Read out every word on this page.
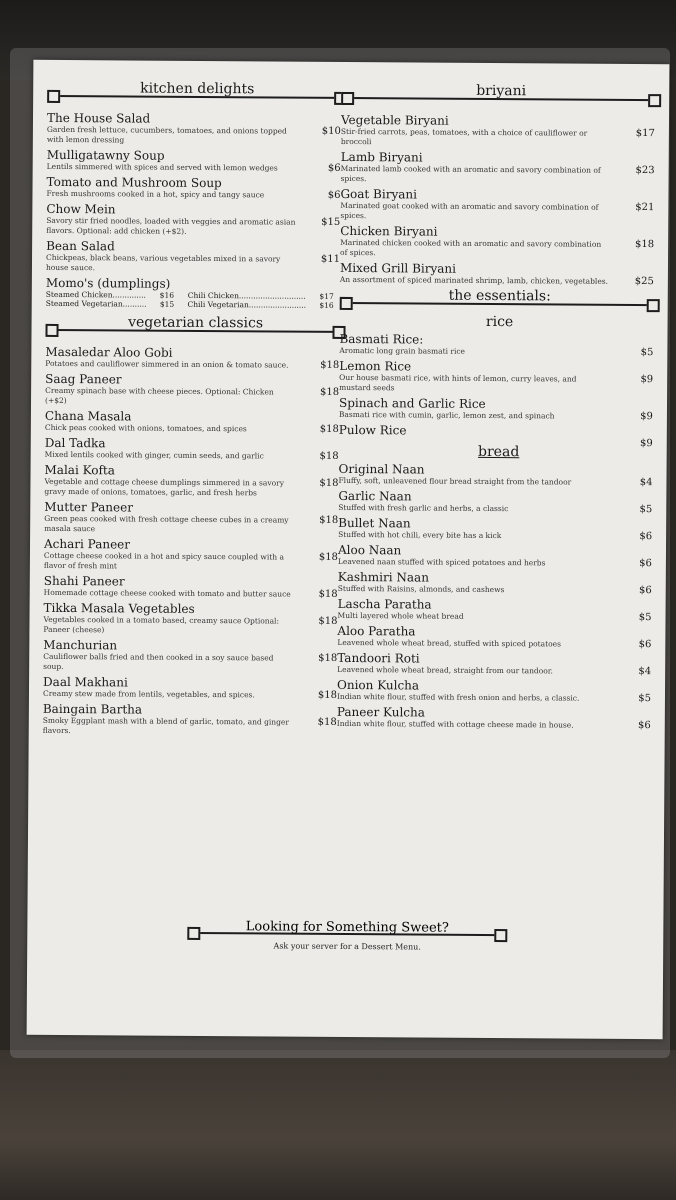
kitchen delights
The House Salad
Garden fresh lettuce, cucumbers, tomatoes, and onions topped with lemon dressing
$10
Mulligatawny Soup
Lentils simmered with spices and served with lemon wedges	$6
Tomato and Mushroom Soup
Fresh mushrooms cooked in a hot, spicy and tangy sauce	$6
Chow Mein
Savory stir fried noodles, loaded with veggies and aromatic asian flavors. Optional: add chicken (+$2).
$15
Bean Salad
Chickpeas, black beans, various vegetables mixed in a savory house sauce.
$11
Momo's (dumplings)
Steamed Chicken.............. $16 Chili Chicken............................ $17
Steamed Vegetarian.......... $15 Chili Vegetarian........................ $16
vegetarian classics
Masaledar Aloo Gobi
Potatoes and cauliflower simmered in an onion & tomato sauce.	$18
Saag Paneer
Creamy spinach base with cheese pieces. Optional: Chicken (+$2)
$18
Chana Masala
Chick peas cooked with onions, tomatoes, and spices	$18
Dal Tadka
Mixed lentils cooked with ginger, cumin seeds, and garlic	$18
Malai Kofta
Vegetable and cottage cheese dumplings simmered in a savory gravy made of onions, tomatoes, garlic, and fresh herbs
$18
Mutter Paneer
Green peas cooked with fresh cottage cheese cubes in a creamy masala sauce
$18
Achari Paneer
Cottage cheese cooked in a hot and spicy sauce coupled with a flavor of fresh mint
$18
Shahi Paneer
Homemade cottage cheese cooked with tomato and butter sauce	$18
Tikka Masala Vegetables
Vegetables cooked in a tomato based, creamy sauce Optional: Paneer (cheese)
$18
Manchurian
Cauliflower balls fried and then cooked in a soy sauce based soup.
$18
Daal Makhani
Creamy stew made from lentils, vegetables, and spices.	$18
Baingain Bartha
Smoky Eggplant mash with a blend of garlic, tomato, and ginger flavors.
$18
briyani
Vegetable Biryani
Stir-fried carrots, peas, tomatoes, with a choice of cauliflower or broccoli
$17
Lamb Biryani
Marinated lamb cooked with an aromatic and savory combination of spices.
$23
Goat Biryani
Marinated goat cooked with an aromatic and savory combination of spices.
$21
Chicken Biryani
Marinated chicken cooked with an aromatic and savory combination of spices.
$18
Mixed Grill Biryani
An assortment of spiced marinated shrimp, lamb, chicken, vegetables.	$25
the essentials:
rice
Basmati Rice:
Aromatic long grain basmati rice	$5
Lemon Rice
Our house basmati rice, with hints of lemon, curry leaves, and mustard seeds
$9
Spinach and Garlic Rice
Basmati rice with cumin, garlic, lemon zest, and spinach	$9
Pulow Rice
$9
bread
Original Naan
Fluffy, soft, unleavened flour bread straight from the tandoor	$4
Garlic Naan
Stuffed with fresh garlic and herbs, a classic	$5
Bullet Naan
Stuffed with hot chili, every bite has a kick	$6
Aloo Naan
Leavened naan stuffed with spiced potatoes and herbs	$6
Kashmiri Naan
Stuffed with Raisins, almonds, and cashews	$6
Lascha Paratha
Multi layered whole wheat bread	$5
Aloo Paratha
Leavened whole wheat bread, stuffed with spiced potatoes	$6
Tandoori Roti
Leavened whole wheat bread, straight from our tandoor.	$4
Onion Kulcha
Indian white flour, stuffed with fresh onion and herbs, a classic.	$5
Paneer Kulcha
Indian white flour, stuffed with cottage cheese made in house.	$6
Looking for Something Sweet?
Ask your server for a Dessert Menu.
